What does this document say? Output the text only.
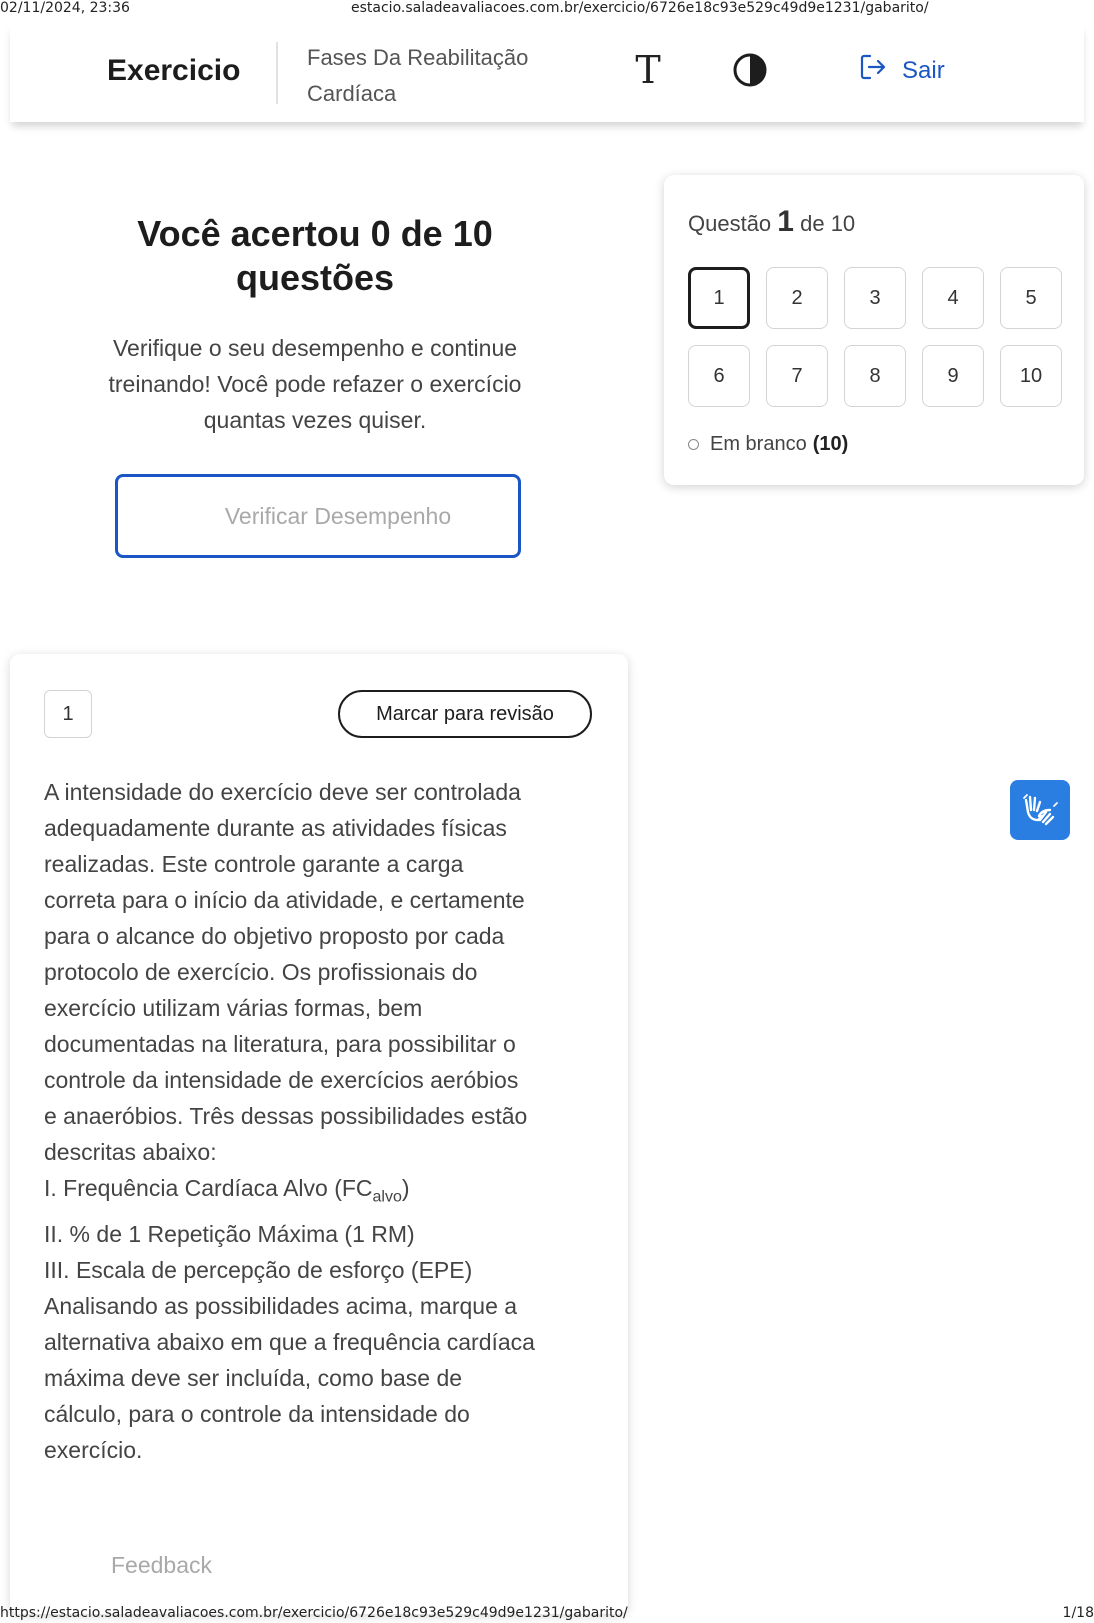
02/11/2024, 23:36	estacio.saladeavaliacoes.com.br/exercicio/6726e18c93e529c49d9e1231/gabarito/
Exercicio	Fases Da Reabilitação
Cardíaca
T	Sair
Você acertou 0 de 10
questões

Verifique o seu desempenho e continue
treinando! Você pode refazer o exercício
quantas vezes quiser.

Verificar Desempenho
Questão 1 de 10
1	2	3	4	5
6	7	8	9	10
Em branco (10)
1	Marcar para revisão
A intensidade do exercício deve ser controlada
adequadamente durante as atividades físicas
realizadas. Este controle garante a carga
correta para o início da atividade, e certamente
para o alcance do objetivo proposto por cada
protocolo de exercício. Os profissionais do
exercício utilizam várias formas, bem
documentadas na literatura, para possibilitar o
controle da intensidade de exercícios aeróbios
e anaeróbios. Três dessas possibilidades estão
descritas abaixo:
I. Frequência Cardíaca Alvo $(FC_{alvo})$
II. % de 1 Repetição Máxima (1 RM)
III. Escala de percepção de esforço (EPE)
Analisando as possibilidades acima, marque a
alternativa abaixo em que a frequência cardíaca
máxima deve ser incluída, como base de
cálculo, para o controle da intensidade do
exercício.
Feedback
https://estacio.saladeavaliacoes.com.br/exercicio/6726e18c93e529c49d9e1231/gabarito/	1/18
